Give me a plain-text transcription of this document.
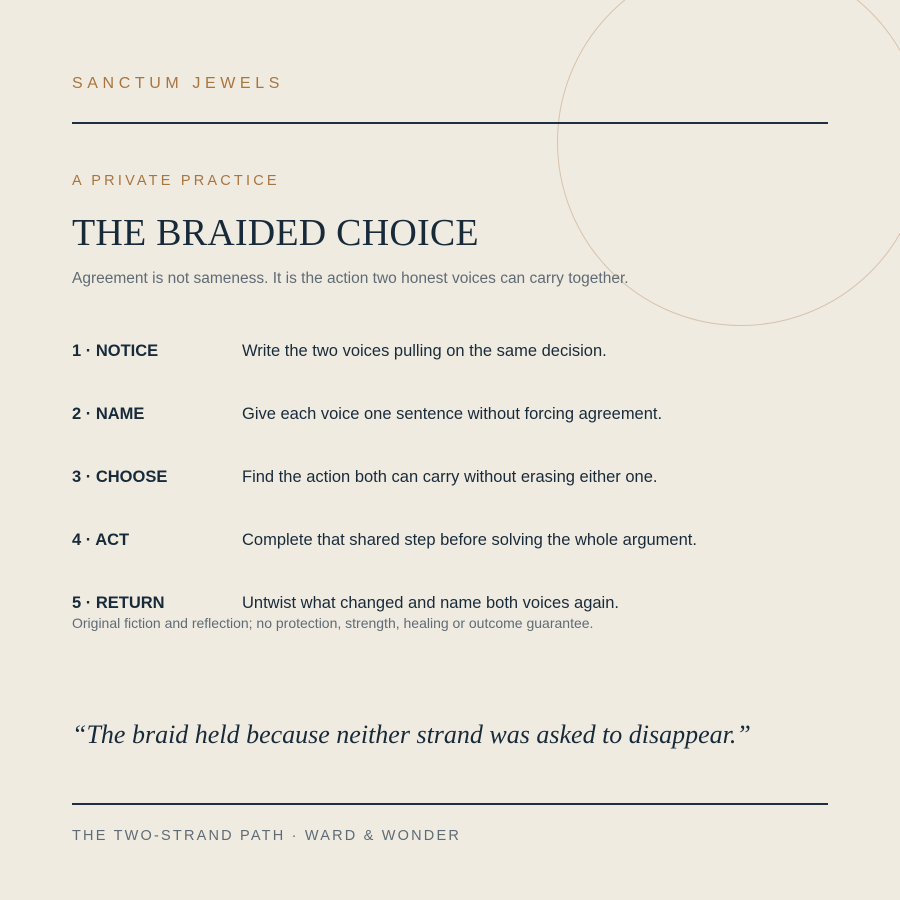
SANCTUM JEWELS
A PRIVATE PRACTICE
THE BRAIDED CHOICE
Agreement is not sameness. It is the action two honest voices can carry together.
1 · NOTICE	Write the two voices pulling on the same decision.
2 · NAME	Give each voice one sentence without forcing agreement.
3 · CHOOSE	Find the action both can carry without erasing either one.
4 · ACT	Complete that shared step before solving the whole argument.
5 · RETURN	Untwist what changed and name both voices again.
Original fiction and reflection; no protection, strength, healing or outcome guarantee.
“The braid held because neither strand was asked to disappear.”
THE TWO-STRAND PATH · WARD & WONDER
